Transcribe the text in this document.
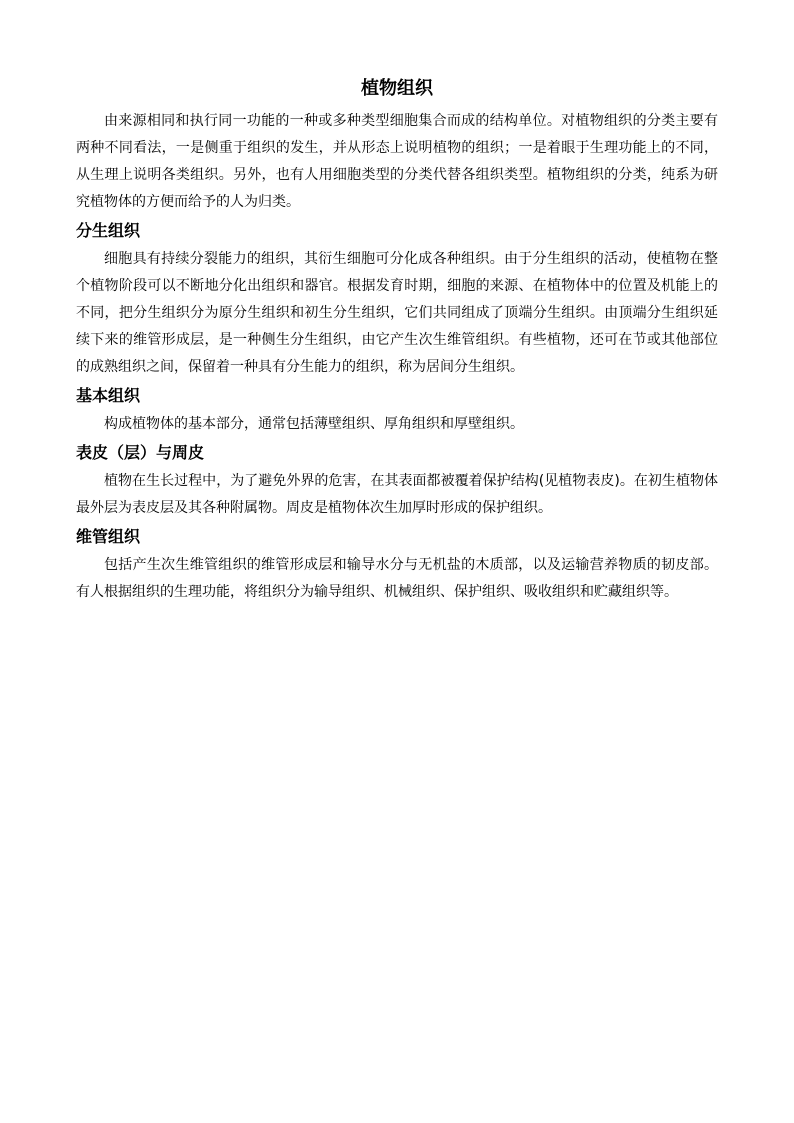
植物组织

由来源相同和执行同一功能的一种或多种类型细胞集合而成的结构单位。对植物组织的分类主要有两种不同看法，一是侧重于组织的发生，并从形态上说明植物的组织；一是着眼于生理功能上的不同，从生理上说明各类组织。另外，也有人用细胞类型的分类代替各组织类型。植物组织的分类，纯系为研究植物体的方便而给予的人为归类。

分生组织

细胞具有持续分裂能力的组织，其衍生细胞可分化成各种组织。由于分生组织的活动，使植物在整个植物阶段可以不断地分化出组织和器官。根据发育时期，细胞的来源、在植物体中的位置及机能上的不同，把分生组织分为原分生组织和初生分生组织，它们共同组成了顶端分生组织。由顶端分生组织延续下来的维管形成层，是一种侧生分生组织，由它产生次生维管组织。有些植物，还可在节或其他部位的成熟组织之间，保留着一种具有分生能力的组织，称为居间分生组织。

基本组织

构成植物体的基本部分，通常包括薄壁组织、厚角组织和厚壁组织。

表皮（层）与周皮

植物在生长过程中，为了避免外界的危害，在其表面都被覆着保护结构(见植物表皮)。在初生植物体最外层为表皮层及其各种附属物。周皮是植物体次生加厚时形成的保护组织。

维管组织

包括产生次生维管组织的维管形成层和输导水分与无机盐的木质部，以及运输营养物质的韧皮部。有人根据组织的生理功能，将组织分为输导组织、机械组织、保护组织、吸收组织和贮藏组织等。
